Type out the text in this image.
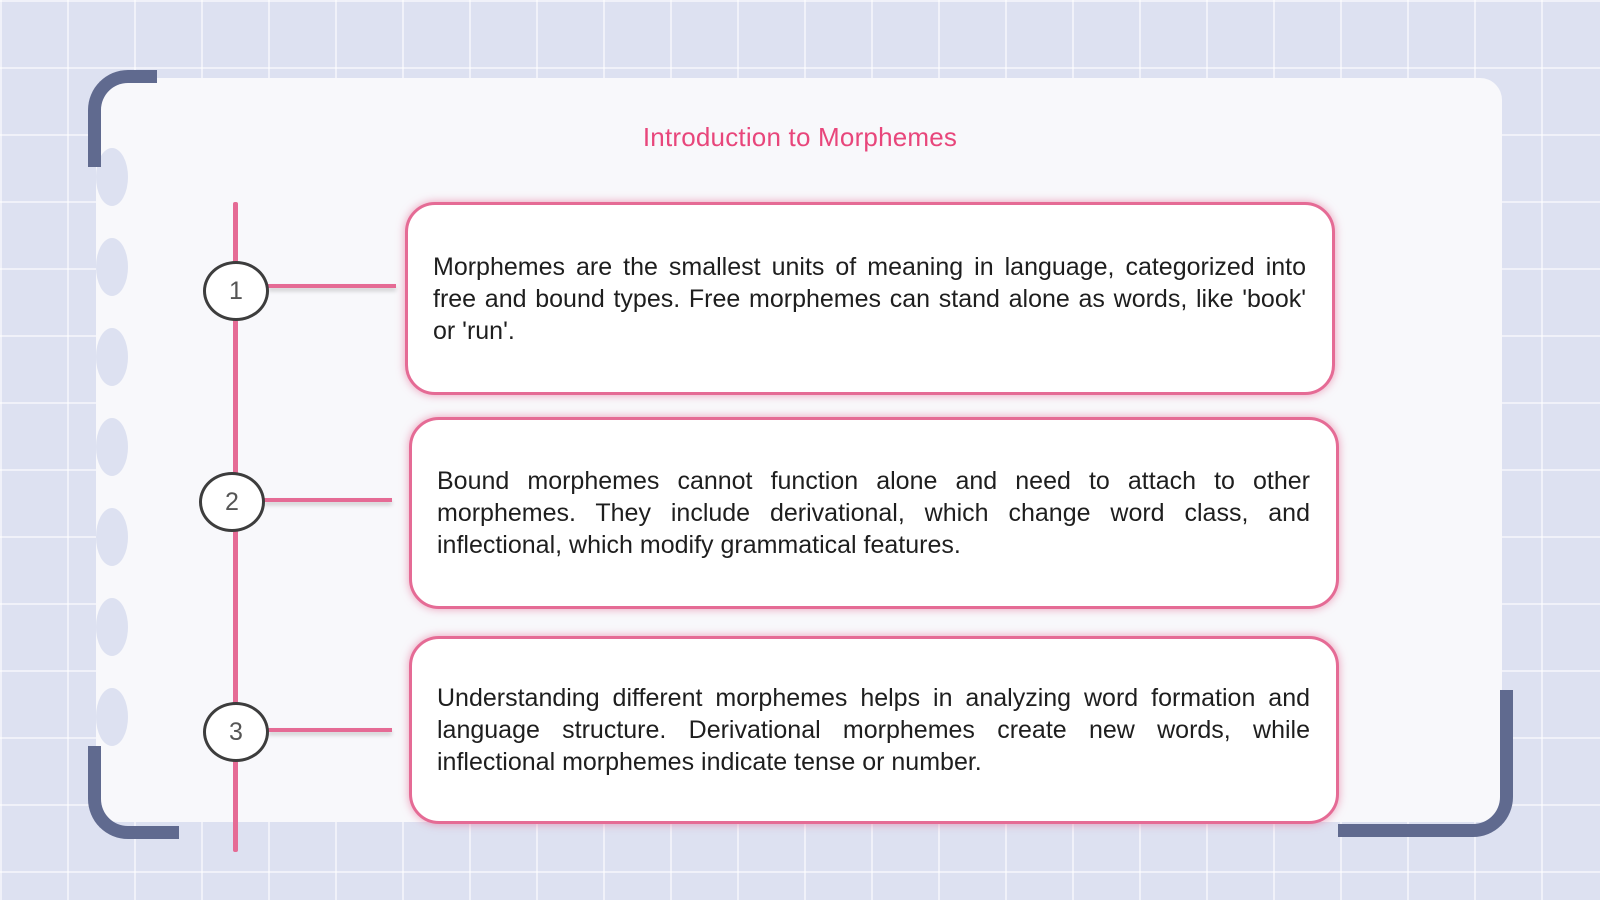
Introduction to Morphemes
1
2
3

Morphemes are the smallest units of meaning in language, categorized into free and bound types. Free morphemes can stand alone as words, like 'book' or 'run'.

Bound morphemes cannot function alone and need to attach to other morphemes. They include derivational, which change word class, and inflectional, which modify grammatical features.

Understanding different morphemes helps in analyzing word formation and language structure. Derivational morphemes create new words, while inflectional morphemes indicate tense or number.
